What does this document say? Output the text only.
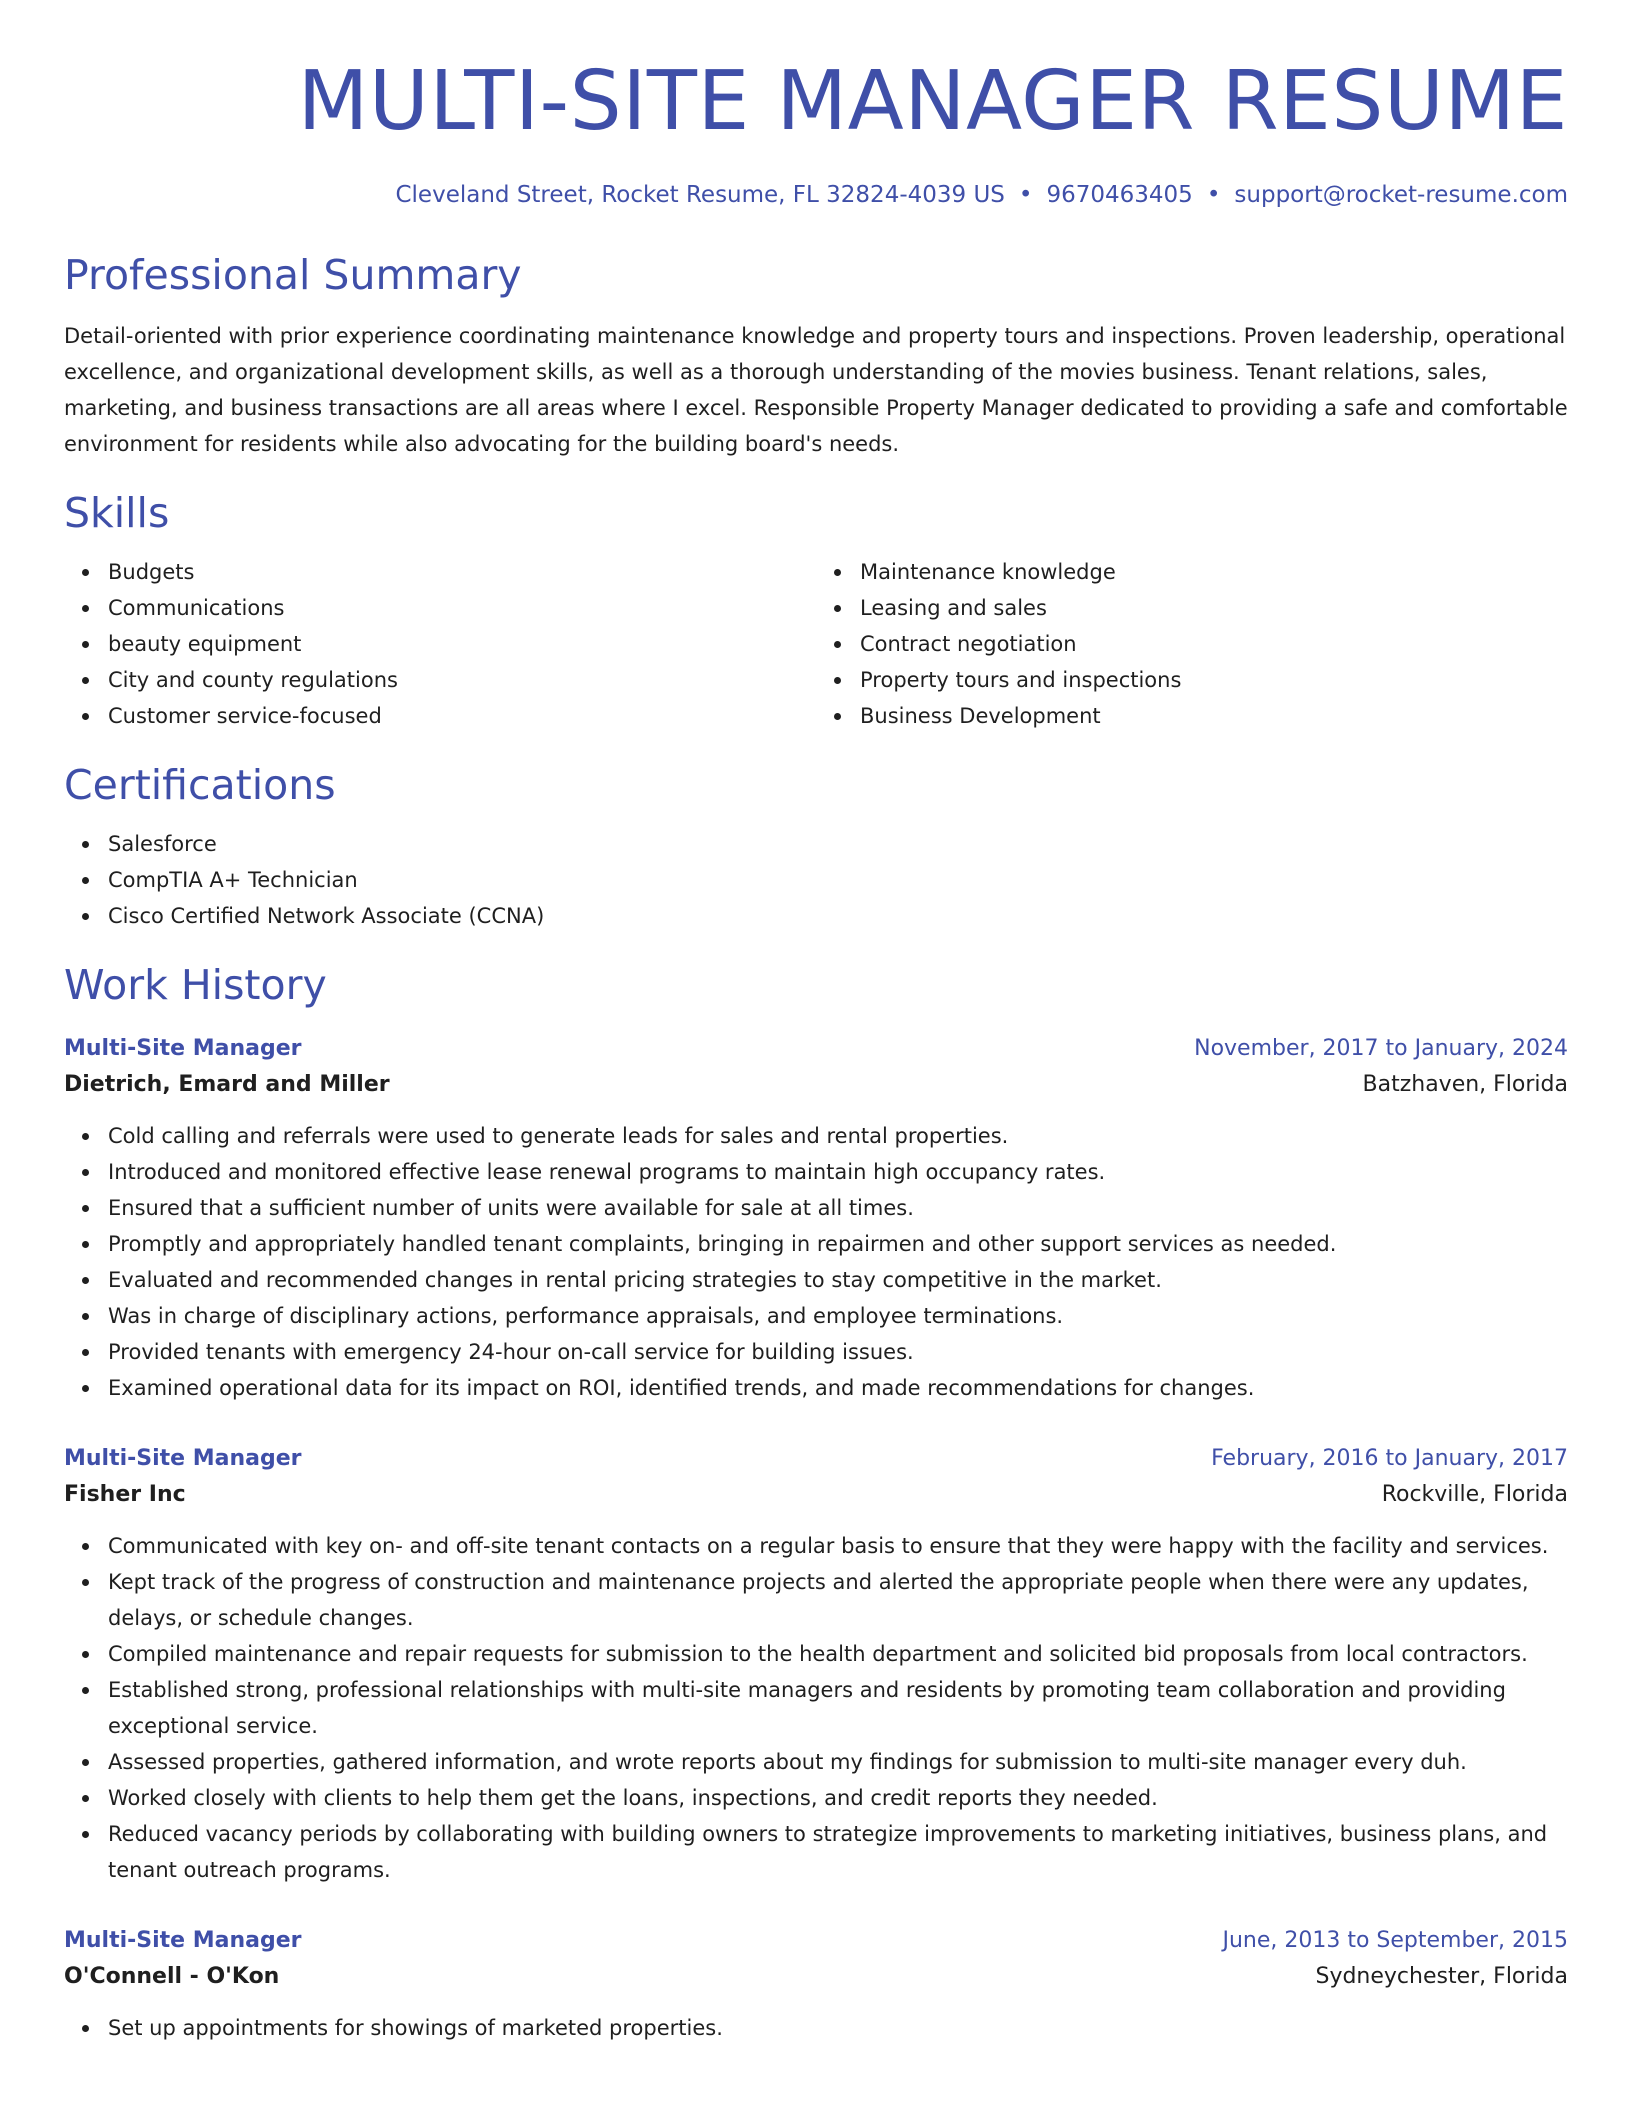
MULTI-SITE MANAGER RESUME
Cleveland Street, Rocket Resume, FL 32824-4039 US • 9670463405 • support@rocket-resume.com
Professional Summary

Detail-oriented with prior experience coordinating maintenance knowledge and property tours and inspections. Proven leadership, operational excellence, and organizational development skills, as well as a thorough understanding of the movies business. Tenant relations, sales, marketing, and business transactions are all areas where I excel. Responsible Property Manager dedicated to providing a safe and comfortable environment for residents while also advocating for the building board's needs.

Skills
Budgets
Communications
beauty equipment
City and county regulations
Customer service-focused
Maintenance knowledge
Leasing and sales
Contract negotiation
Property tours and inspections
Business Development
Certifications
Salesforce
CompTIA A+ Technician
Cisco Certified Network Associate (CCNA)
Work History
Multi-Site Manager	November, 2017 to January, 2024
Dietrich, Emard and Miller	Batzhaven, Florida
Cold calling and referrals were used to generate leads for sales and rental properties.
Introduced and monitored effective lease renewal programs to maintain high occupancy rates.
Ensured that a sufficient number of units were available for sale at all times.
Promptly and appropriately handled tenant complaints, bringing in repairmen and other support services as needed.
Evaluated and recommended changes in rental pricing strategies to stay competitive in the market.
Was in charge of disciplinary actions, performance appraisals, and employee terminations.
Provided tenants with emergency 24-hour on-call service for building issues.
Examined operational data for its impact on ROI, identified trends, and made recommendations for changes.
Multi-Site Manager	February, 2016 to January, 2017
Fisher Inc	Rockville, Florida
Communicated with key on- and off-site tenant contacts on a regular basis to ensure that they were happy with the facility and services.
Kept track of the progress of construction and maintenance projects and alerted the appropriate people when there were any updates, delays, or schedule changes.
Compiled maintenance and repair requests for submission to the health department and solicited bid proposals from local contractors.
Established strong, professional relationships with multi-site managers and residents by promoting team collaboration and providing exceptional service.
Assessed properties, gathered information, and wrote reports about my findings for submission to multi-site manager every duh.
Worked closely with clients to help them get the loans, inspections, and credit reports they needed.
Reduced vacancy periods by collaborating with building owners to strategize improvements to marketing initiatives, business plans, and tenant outreach programs.
Multi-Site Manager	June, 2013 to September, 2015
O'Connell - O'Kon	Sydneychester, Florida
Set up appointments for showings of marketed properties.
